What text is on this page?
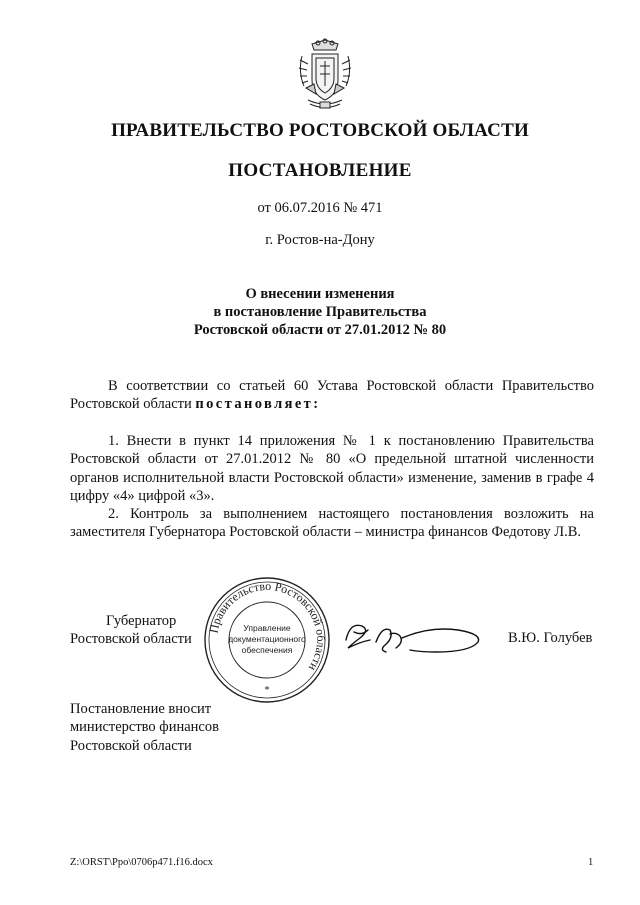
ПРАВИТЕЛЬСТВО РОСТОВСКОЙ ОБЛАСТИ
ПОСТАНОВЛЕНИЕ
от 06.07.2016 № 471
г. Ростов-на-Дону
О внесении изменения
в постановление Правительства
Ростовской области от 27.01.2012 № 80
В соответствии со статьей 60 Устава Ростовской области Правительство Ростовской области постановляет:
1. Внести в пункт 14 приложения № 1 к постановлению Правительства Ростовской области от 27.01.2012 № 80 «О предельной штатной численности органов исполнительной власти Ростовской области» изменение, заменив в графе 4 цифру «4» цифрой «3».
2. Контроль за выполнением настоящего постановления возложить на заместителя Губернатора Ростовской области – министра финансов Федотову Л.В.
Губернатор
Ростовской области
Правительство Ростовской области
Управление
документационного
обеспечения
*
В.Ю. Голубев
Постановление вносит
министерство финансов
Ростовской области
Z:\ORST\Ppo\0706p471.f16.docx	1
